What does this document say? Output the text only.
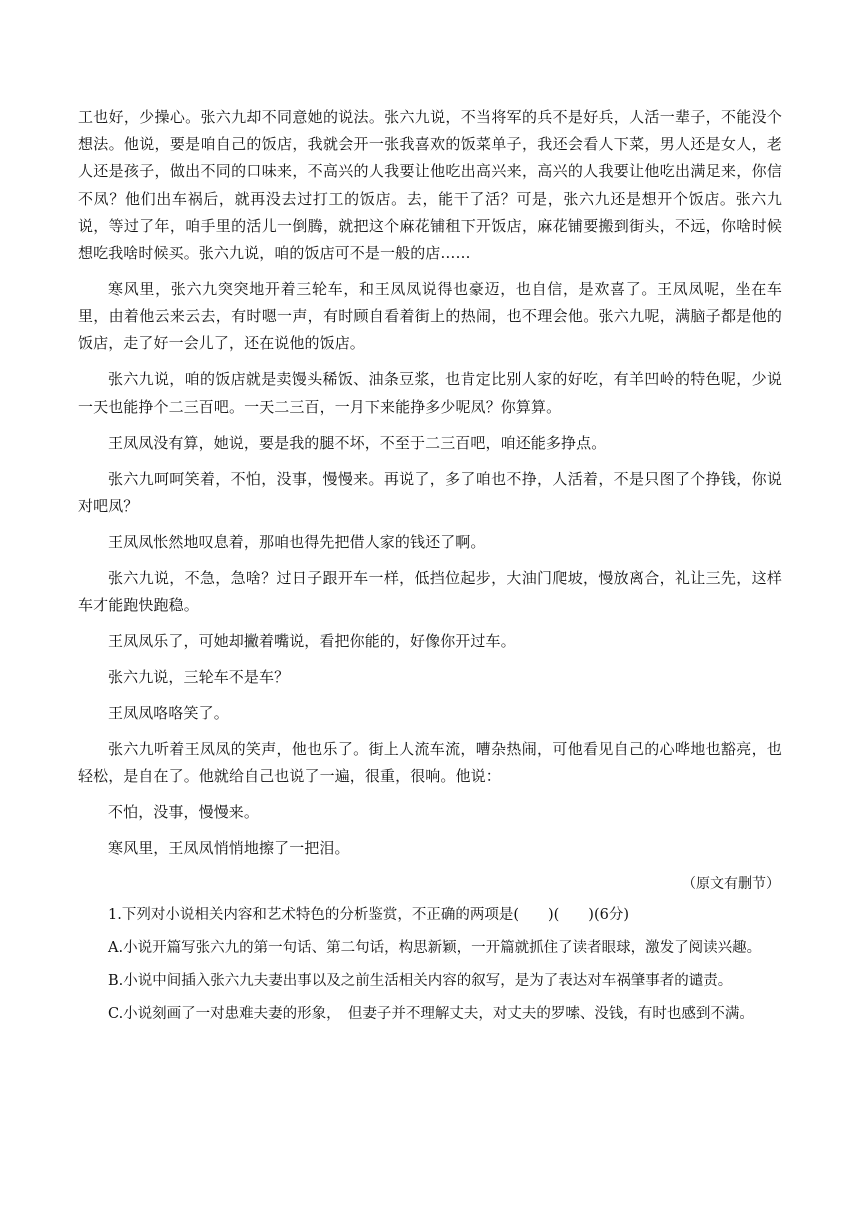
工也好，少操心。张六九却不同意她的说法。张六九说，不当将军的兵不是好兵，人活一辈子，不能没个想法。他说，要是咱自己的饭店，我就会开一张我喜欢的饭菜单子，我还会看人下菜，男人还是女人，老人还是孩子，做出不同的口味来，不高兴的人我要让他吃出高兴来，高兴的人我要让他吃出满足来，你信不凤？他们出车祸后，就再没去过打工的饭店。去，能干了活？可是，张六九还是想开个饭店。张六九说，等过了年，咱手里的活儿一倒腾，就把这个麻花铺租下开饭店，麻花铺要搬到街头，不远，你啥时候想吃我啥时候买。张六九说，咱的饭店可不是一般的店……

寒风里，张六九突突地开着三轮车，和王凤凤说得也豪迈，也自信，是欢喜了。王凤凤呢，坐在车里，由着他云来云去，有时嗯一声，有时顾自看着街上的热闹，也不理会他。张六九呢，满脑子都是他的饭店，走了好一会儿了，还在说他的饭店。

张六九说，咱的饭店就是卖馒头稀饭、油条豆浆，也肯定比别人家的好吃，有羊凹岭的特色呢，少说一天也能挣个二三百吧。一天二三百，一月下来能挣多少呢凤？你算算。

王凤凤没有算，她说，要是我的腿不坏，不至于二三百吧，咱还能多挣点。

张六九呵呵笑着，不怕，没事，慢慢来。再说了，多了咱也不挣，人活着，不是只图了个挣钱，你说对吧凤？

王凤凤怅然地叹息着，那咱也得先把借人家的钱还了啊。

张六九说，不急，急啥？过日子跟开车一样，低挡位起步，大油门爬坡，慢放离合，礼让三先，这样车才能跑快跑稳。

王凤凤乐了，可她却撇着嘴说，看把你能的，好像你开过车。

张六九说，三轮车不是车？

王凤凤咯咯笑了。

张六九听着王凤凤的笑声，他也乐了。街上人流车流，嘈杂热闹，可他看见自己的心哗地也豁亮，也轻松，是自在了。他就给自己也说了一遍，很重，很响。他说：

不怕，没事，慢慢来。

寒风里，王凤凤悄悄地擦了一把泪。

（原文有删节）

1.下列对小说相关内容和艺术特色的分析鉴赏，不正确的两项是(　　)(　　)(6分)

A.小说开篇写张六九的第一句话、第二句话，构思新颖，一开篇就抓住了读者眼球，激发了阅读兴趣。

B.小说中间插入张六九夫妻出事以及之前生活相关内容的叙写，是为了表达对车祸肇事者的谴责。

C.小说刻画了一对患难夫妻的形象，　但妻子并不理解丈夫，对丈夫的罗嗦、没钱，有时也感到不满。
